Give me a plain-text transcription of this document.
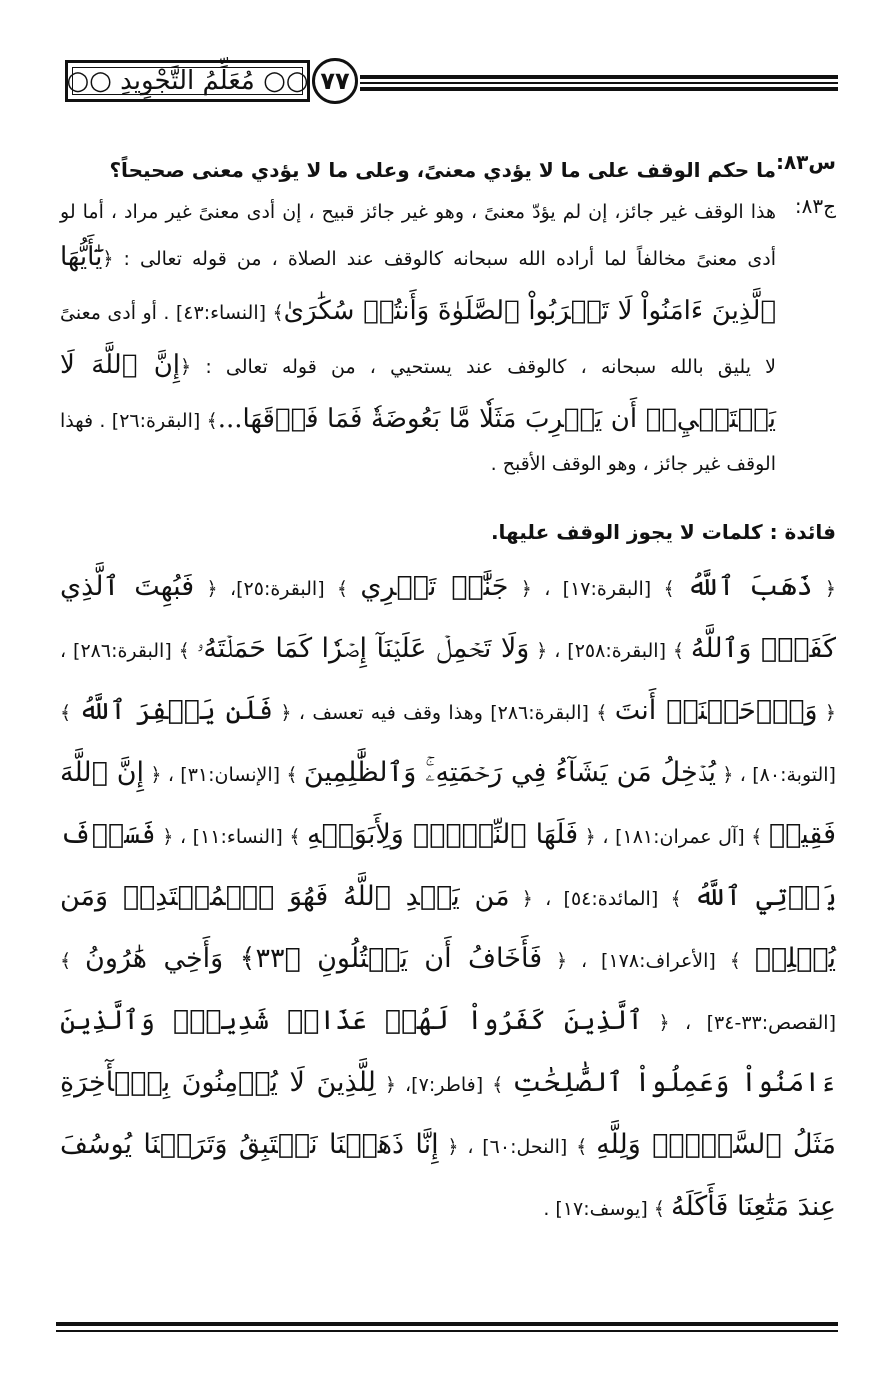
○○ مُعَلِّمُ التَّجْوِيدِ ○○ ٧٧
س٨٣:
ما حكم الوقف على ما لا يؤدي معنىً، وعلى ما لا يؤدي معنى صحيحاً؟
ج٨٣:
هذا الوقف غير جائز، إن لم يؤدّ معنىً ، وهو غير جائز قبيح ، إن أدى معنىً غير مراد ، أما لو أدى معنىً مخالفاً لما أراده الله سبحانه كالوقف عند الصلاة ، من قوله تعالى : ﴿يَٰٓأَيُّهَا ٱلَّذِينَ ءَامَنُواْ لَا تَقۡرَبُواْ ٱلصَّلَوٰةَ وَأَنتُمۡ سُكَٰرَىٰ﴾ [النساء:٤٣] . أو أدى معنىً لا يليق بالله سبحانه ، كالوقف عند يستحيي ، من قوله تعالى : ﴿إِنَّ ٱللَّهَ لَا يَسۡتَحۡيِۦٓ أَن يَضۡرِبَ مَثَلٗا مَّا بَعُوضَةٗ فَمَا فَوۡقَهَا...﴾ [البقرة:٢٦] . فهذا الوقف غير جائز ، وهو الوقف الأقبح .
فائدة : كلمات لا يجوز الوقف عليها.
﴿ ذَهَبَ ٱللَّهُ ﴾ [البقرة:١٧] ، ﴿ جَنَّٰتٖ تَجۡرِي ﴾ [البقرة:٢٥]، ﴿ فَبُهِتَ ٱلَّذِي كَفَرَۗ وَٱللَّهُ ﴾ [البقرة:٢٥٨] ، ﴿ وَلَا تَحۡمِلۡ عَلَيۡنَآ إِصۡرٗا كَمَا حَمَلۡتَهُۥ ﴾ [البقرة:٢٨٦] ، ﴿ وَٱرۡحَمۡنَآۚ أَنتَ ﴾ [البقرة:٢٨٦] وهذا وقف فيه تعسف ، ﴿ فَلَن يَغۡفِرَ ٱللَّهُ ﴾ [التوبة:٨٠] ، ﴿ يُدۡخِلُ مَن يَشَآءُ فِي رَحۡمَتِهِۦۚ وَٱلظَّٰلِمِينَ ﴾ [الإنسان:٣١] ، ﴿ إِنَّ ٱللَّهَ فَقِيرٞ ﴾ [آل عمران:١٨١] ، ﴿ فَلَهَا ٱلنِّصۡفُۚ وَلِأَبَوَيۡهِ ﴾ [النساء:١١] ، ﴿ فَسَوۡفَ يَأۡتِي ٱللَّهُ ﴾ [المائدة:٥٤] ، ﴿ مَن يَهۡدِ ٱللَّهُ فَهُوَ ٱلۡمُهۡتَدِيۖ وَمَن يُضۡلِلۡ ﴾ [الأعراف:١٧٨] ، ﴿ فَأَخَافُ أَن يَقۡتُلُونِ ﴿٣٣﴾ وَأَخِي هَٰرُونُ ﴾ [القصص:٣٣-٣٤] ، ﴿ ٱلَّذِينَ كَفَرُواْ لَهُمۡ عَذَابٞ شَدِيدٞۖ وَٱلَّذِينَ ءَامَنُواْ وَعَمِلُواْ ٱلصَّٰلِحَٰتِ ﴾ [فاطر:٧]، ﴿ لِلَّذِينَ لَا يُؤۡمِنُونَ بِٱلۡأٓخِرَةِ مَثَلُ ٱلسَّوۡءِۖ وَلِلَّهِ ﴾ [النحل:٦٠] ، ﴿ إِنَّا ذَهَبۡنَا نَسۡتَبِقُ وَتَرَكۡنَا يُوسُفَ عِندَ مَتَٰعِنَا فَأَكَلَهُ ﴾ [يوسف:١٧] .
